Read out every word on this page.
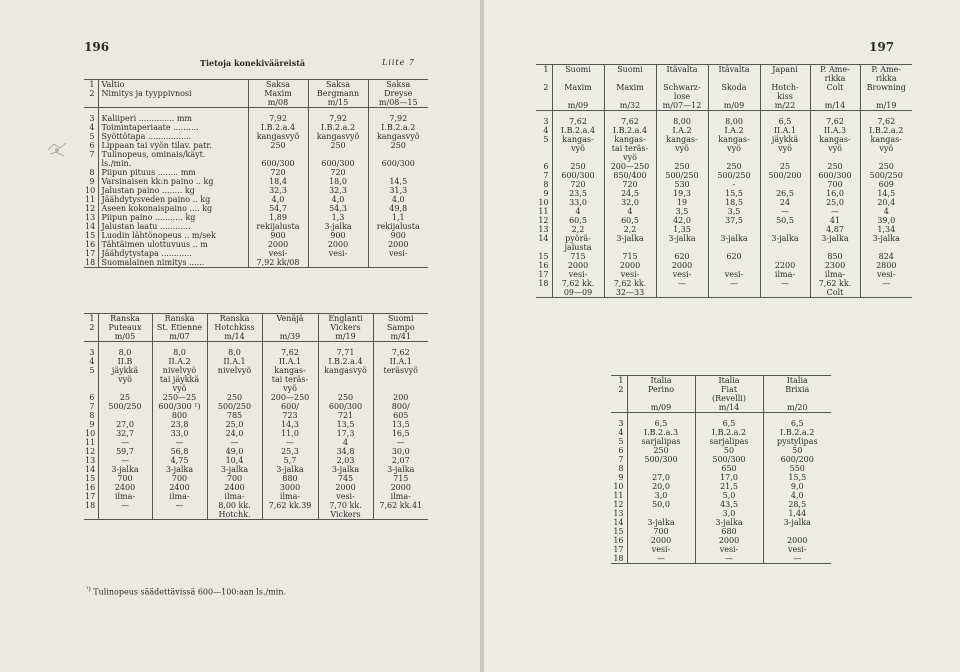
196
Tietoja konekivääreistä	Liite 7
1	Valtio	Saksa	Saksa	Saksa
2	Nimitys ja tyyppivnosi	Maxim	Bergmann	Dreyse
		m/08	m/15	m/08—15

3	Kaliiperi .............. mm	7,92	7,92	7,92
4	Toimintaperiaate ..........	I.B.2.a.4	I.B.2.a.2	I.B.2.a.2
5	Syöttötapa .................	kangasvyö	kangasvyö	kangasvyö
6	Lippaan tai vyön tilav. patr.	250	250	250
7	Tulinopeus, ominais/käyt.			
	ls./min.	600/300	600/300	600/300
8	Piipun pituus ........ mm	720	720	
9	Varsinaisen kk:n paino .. kg	18,4	18,0	14,5
10	Jalustan paino ........ kg	32,3	32,3	31,3
11	Jäähdytysveden paino .. kg	4,0	4,0	4,0
12	Aseen kokonaispaino .... kg	54,7	54,3	49,8
13	Piipun paino ........... kg	1,89	1,3	1,1
14	Jalustan laatu ............	rekijalusta	3-jalka	rekijalusta
15	Luodin lähtönopeus .. m/sek	900	900	900
16	Tähtäimen ulottuvuus .. m	2000	2000	2000
17	Jäähdytystapa ............	vesi-	vesi-	vesi-
18	Suomalainen nimitys ......	7,92 kk/08		
1	Ranska	Ranska	Ranska	Venäjä	Englanti	Suomi
2	Puteaux	St. Etienne	Hotchkiss		Vickers	Sampo
	m/05	m/07	m/14	m/39	m/19	m/41

3	8,0	8,0	8,0	7,62	7,71	7,62
4	II.B	II.A.2	II.A.1	II.A.1	I.B.2.a.4	II.A.1
5	jäykkä	nivelvyö	nivelvyö	kangas-	kangasvyö	teräsvyö
	vyö	tai jäykkä		tai teräs-		
		vyö		vyö		
6	25	250—25	250	200—250	250	200
7	500/250	600/300 ¹)	500/250	600/	600/300	800/
8		800	785	723	721	605
9	27,0	23,8	25,0	14,3	13,5	13,5
10	32,7	33,0	24,0	11,0	17,3	16,5
11	—	—	—	—	4	—
12	59,7	56,8	49,0	25,3	34,8	30,0
13	—	4,75	10,4	5,7	2,03	2,07
14	3-jalka	3-jalka	3-jalka	3-jalka	3-jalka	3-jalka
15	700	700	700	880	745	715
16	2400	2400	2400	3000	2000	2000
17	ilma-	ilma-	ilma-	ilma-	vesi-	ilma-
18	—	—	8,00 kk.	7,62 kk.39	7,70 kk.	7,62 kk.41
			Hotchk.		Vickers	
$^{^1)}$ Tulinopeus säädettävissä 600—100:aan ls./min.
197
1	Suomi	Suomi	Itävalta	Itävalta	Japani	P. Ame-	P. Ame-
						rikka	rikka
2	Maxim	Maxim	Schwarz-	Skoda	Hotch-	Colt	Browning
			lose		kiss		
	m/09	m/32	m/07—12	m/09	m/22	m/14	m/19

3	7,62	7,62	8,00	8,00	6,5	7,62	7,62
4	I.B.2.a.4	I.B.2.a.4	I.A.2	I.A.2	II.A.1	II.A.3	I.B.2.a.2
5	kangas-	kangas-	kangas-	kangas-	jäykkä	kangas-	kangas-
	vyö	tai teräs-	vyö	vyö	vyö	vyö	vyö
		vyö					
6	250	200—250	250	250	25	250	250
7	600/300	850/400	500/250	500/250	500/200	600/300	500/250
8	720	720	530	-		700	609
9	23,5	24,5	19,3	15,5	26,5	16,0	14,5
10	33,0	32,0	19	18,5	24	25,0	20,4
11	4	4	3,5	3,5	—	—	4
12	60,5	60,5	42,0	37,5	50,5	41	39,0
13	2,2	2,2	1,35			4,87	1,34
14	pyörä-	3-jalka	3-jalka	3-jalka	3-jalka	3-jalka	3-jalka
	jalusta						
15	715	715	620	620		850	824
16	2000	2000	2000		2200	2300	2800
17	vesi-	vesi-	vesi-	vesi-	ilma-	ilma-	vesi-
18	7,62 kk.	7,62 kk.	—	—	—	7,62 kk.	—
	09—09	32—33				Colt	
1	Italia	Italia	Italia
2	Perino	Fiat	Brixia
		(Revelli)	
	m/09	m/14	m/20

3	6,5	6,5	6,5
4	I.B.2.a.3	I.B.2.a.2	I.B.2.a.2
5	sarjalipas	sarjalipas	pystylipas
6	250	50	50
7	500/300	500/300	600/200
8		650	550
9	27,0	17,0	15,5
10	20,0	21,5	9,0
11	3,0	5,0	4,0
12	50,0	43,5	28,5
13		3,0	1,44
14	3-jalka	3-jalka	3-jalka
15	700	680	
16	2000	2000	2000
17	vesi-	vesi-	vesi-
18	—	—	—
